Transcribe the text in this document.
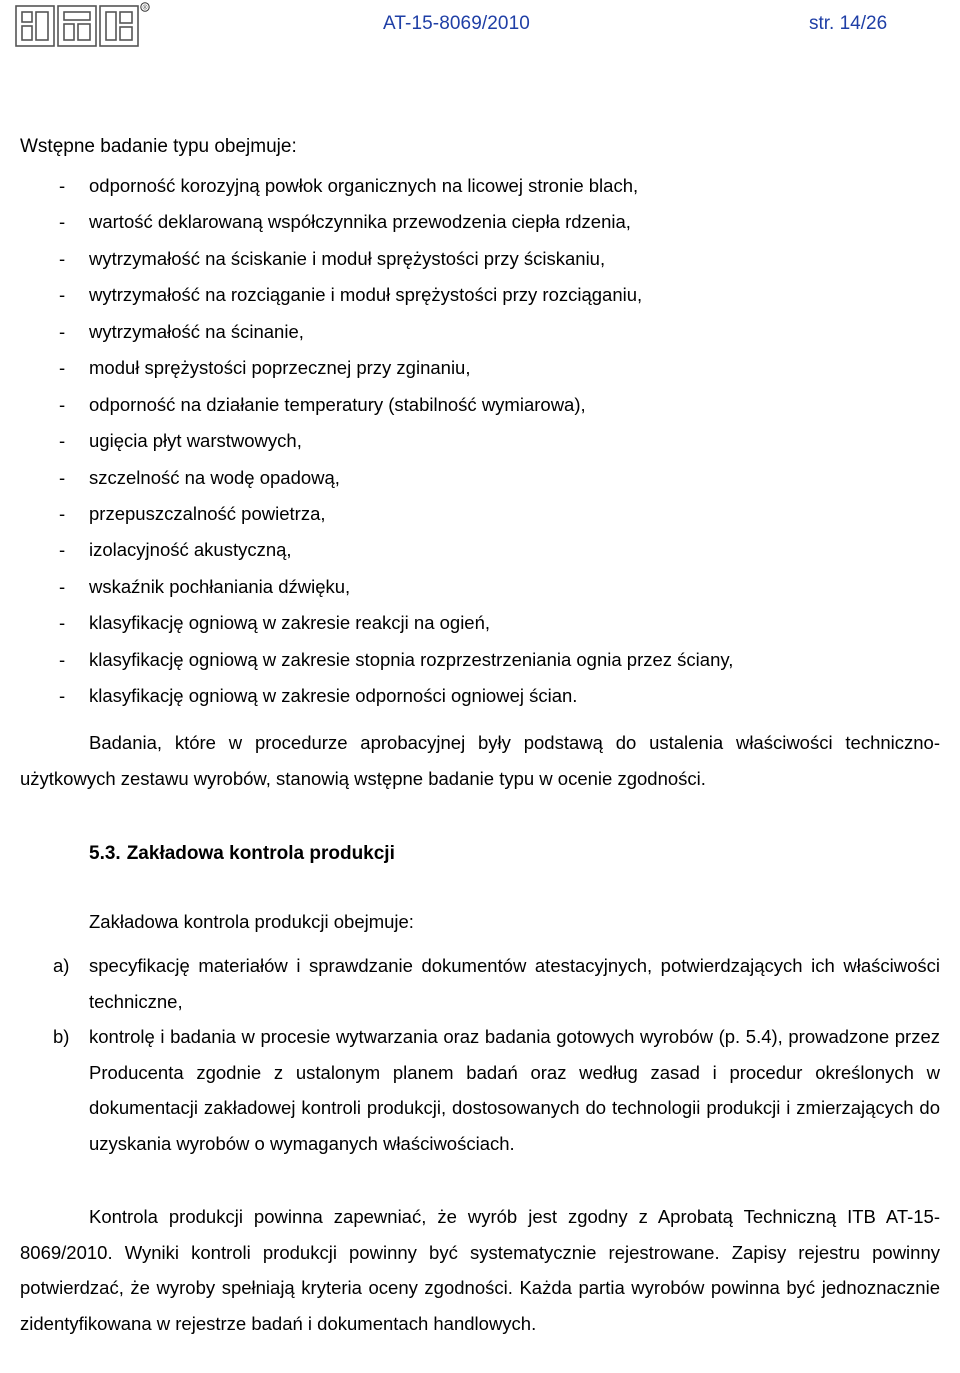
®
AT-15-8069/2010	str. 14/26
Wstępne badanie typu obejmuje:
- odporność korozyjną powłok organicznych na licowej stronie blach,
- wartość deklarowaną współczynnika przewodzenia ciepła rdzenia,
- wytrzymałość na ściskanie i moduł sprężystości przy ściskaniu,
- wytrzymałość na rozciąganie i moduł sprężystości przy rozciąganiu,
- wytrzymałość na ścinanie,
- moduł sprężystości poprzecznej przy zginaniu,
- odporność na działanie temperatury (stabilność wymiarowa),
- ugięcia płyt warstwowych,
- szczelność na wodę opadową,
- przepuszczalność powietrza,
- izolacyjność akustyczną,
- wskaźnik pochłaniania dźwięku,
- klasyfikację ogniową w zakresie reakcji na ogień,
- klasyfikację ogniową w zakresie stopnia rozprzestrzeniania ognia przez ściany,
- klasyfikację ogniową w zakresie odporności ogniowej ścian.

Badania, które w procedurze aprobacyjnej były podstawą do ustalenia właściwości techniczno-użytkowych zestawu wyrobów, stanowią wstępne badanie typu w ocenie zgodności.

5.3. Zakładowa kontrola produkcji
Zakładowa kontrola produkcji obejmuje:
a) specyfikację materiałów i sprawdzanie dokumentów atestacyjnych, potwierdzających ich właściwości techniczne,
b) kontrolę i badania w procesie wytwarzania oraz badania gotowych wyrobów (p. 5.4), prowadzone przez Producenta zgodnie z ustalonym planem badań oraz według zasad i procedur określonych w dokumentacji zakładowej kontroli produkcji, dostosowanych do technologii produkcji i zmierzających do uzyskania wyrobów o wymaganych właściwościach.

Kontrola produkcji powinna zapewniać, że wyrób jest zgodny z Aprobatą Techniczną ITB AT-15-8069/2010. Wyniki kontroli produkcji powinny być systematycznie rejestrowane. Zapisy rejestru powinny potwierdzać, że wyroby spełniają kryteria oceny zgodności. Każda partia wyrobów powinna być jednoznacznie zidentyfikowana w rejestrze badań i dokumentach handlowych.
